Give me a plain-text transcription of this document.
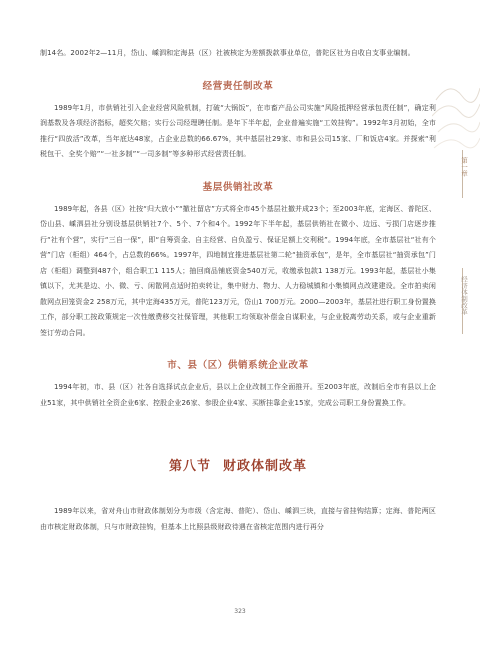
第一章
经济体制改革

制14名。2002年2—11月，岱山、嵊泗和定海县（区）社被核定为差额拨款事业单位，普陀区社为自收自支事业编制。

经营责任制改革

1989年1月，市供销社引入企业经营风险机制，打破“大锅饭”，在市畜产品公司实施“风险抵押经营承包责任制”，确定利润基数及各项经济指标，超奖欠赔；实行公司经理聘任制。是年下半年起，企业普遍实施“工效挂钩”。1992年3月初始，全市推行“四放活”改革，当年底达48家，占企业总数的66.67%，其中基层社29家、市和县公司15家、厂和饭店4家。并探索“利税包干、全奖个赔”“一社多制”“一司多制”等多种形式经营责任制。

基层供销社改革

1989年起，各县（区）社按“归大放小”“撤社留店”方式将全市45个基层社撤并成23个；至2003年底，定海区、普陀区、岱山县、嵊泗县社分别设基层供销社7个、5个、7个和4个。1992年下半年起，基层供销社在微小、边远、亏损门店逐步推行“社有个营”，实行“三自一保”，即“自筹资金、自主经营、自负盈亏、保证足额上交利税”。1994年底，全市基层社“社有个营”门店（柜组）464个，占总数的66%。1997年，四地制宜推进基层社第二轮“抽资承包”，是年，全市基层社“抽资承包”门店（柜组）调整到487个，组合职工1 115人；抽回商品铺底资金540万元，收缴承包款1 138万元。1993年起，基层社小集镇以下，尤其是边、小、微、亏、闲散网点适时拍卖转让，集中财力、物力、人力稳城镇和小集镇网点改建建设。全市拍卖闲散网点回笼资金2 258万元，其中定海435万元，普陀123万元，岱山1 700万元。2000—2003年，基层社进行职工身份置换工作，部分职工按政策规定一次性缴费移交社保管理，其他职工均领取补偿金自谋职业，与企业脱离劳动关系，或与企业重新签订劳动合同。

市、县（区）供销系统企业改革

1994年初，市、县（区）社各自选择试点企业后，县以上企业改制工作全面推开。至2003年底，改制后全市有县以上企业51家，其中供销社全资企业6家、控股企业26家、参股企业4家、买断挂靠企业15家，完成公司职工身份置换工作。

第八节 财政体制改革

1989年以来，省对舟山市财政体制划分为市级（含定海、普陀）、岱山、嵊泗三块，直接与省挂钩结算；定海、普陀两区由市核定财政体制，只与市财政挂钩，但基本上比照县级财政待遇在省核定范围内进行再分

323
